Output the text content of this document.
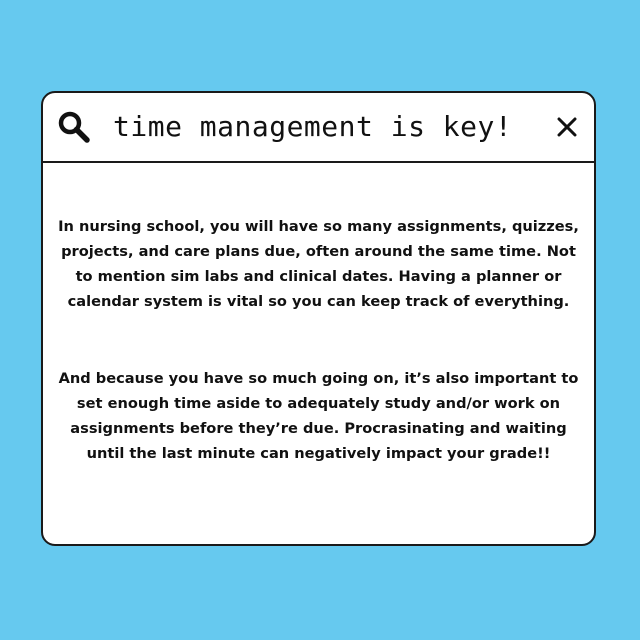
time management is key!

In nursing school, you will have so many assignments, quizzes, projects, and care plans due, often around the same time. Not to mention sim labs and clinical dates. Having a planner or calendar system is vital so you can keep track of everything.

And because you have so much going on, it’s also important to set enough time aside to adequately study and/or work on assignments before they’re due. Procrasinating and waiting until the last minute can negatively impact your grade!!
